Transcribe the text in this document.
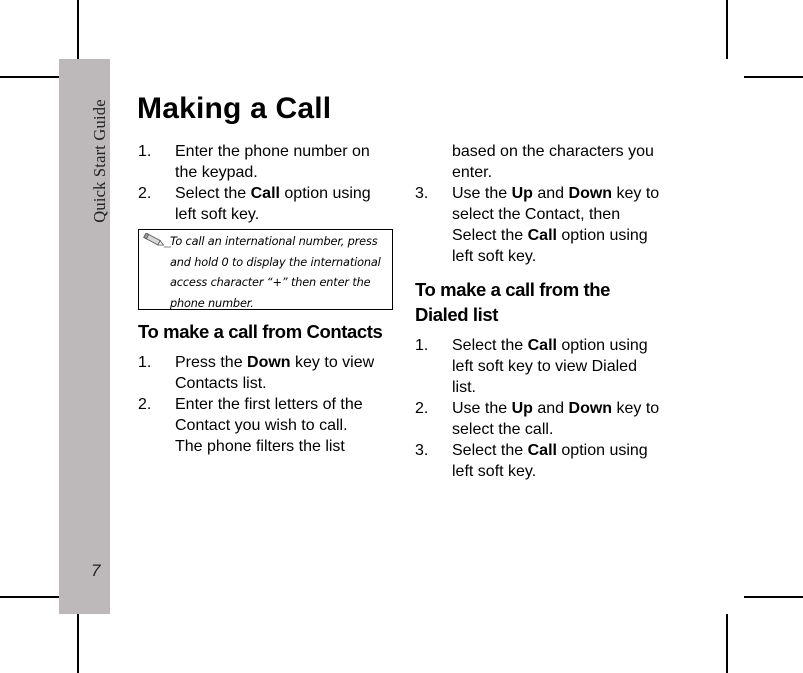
Quick Start Guide
7
Making a Call
1. Enter the phone number on
the keypad.
2. Select the Call option using
left soft key.
To call an international number, press
and hold 0 to display the international
access character “+” then enter the
phone number.
To make a call from Contacts
1. Press the Down key to view
Contacts list.
2. Enter the first letters of the
Contact you wish to call.
The phone filters the list
based on the characters you
enter.
3. Use the Up and Down key to
select the Contact, then
Select the Call option using
left soft key.
To make a call from the
Dialed list
1. Select the Call option using
left soft key to view Dialed
list.
2. Use the Up and Down key to
select the call.
3. Select the Call option using
left soft key.
